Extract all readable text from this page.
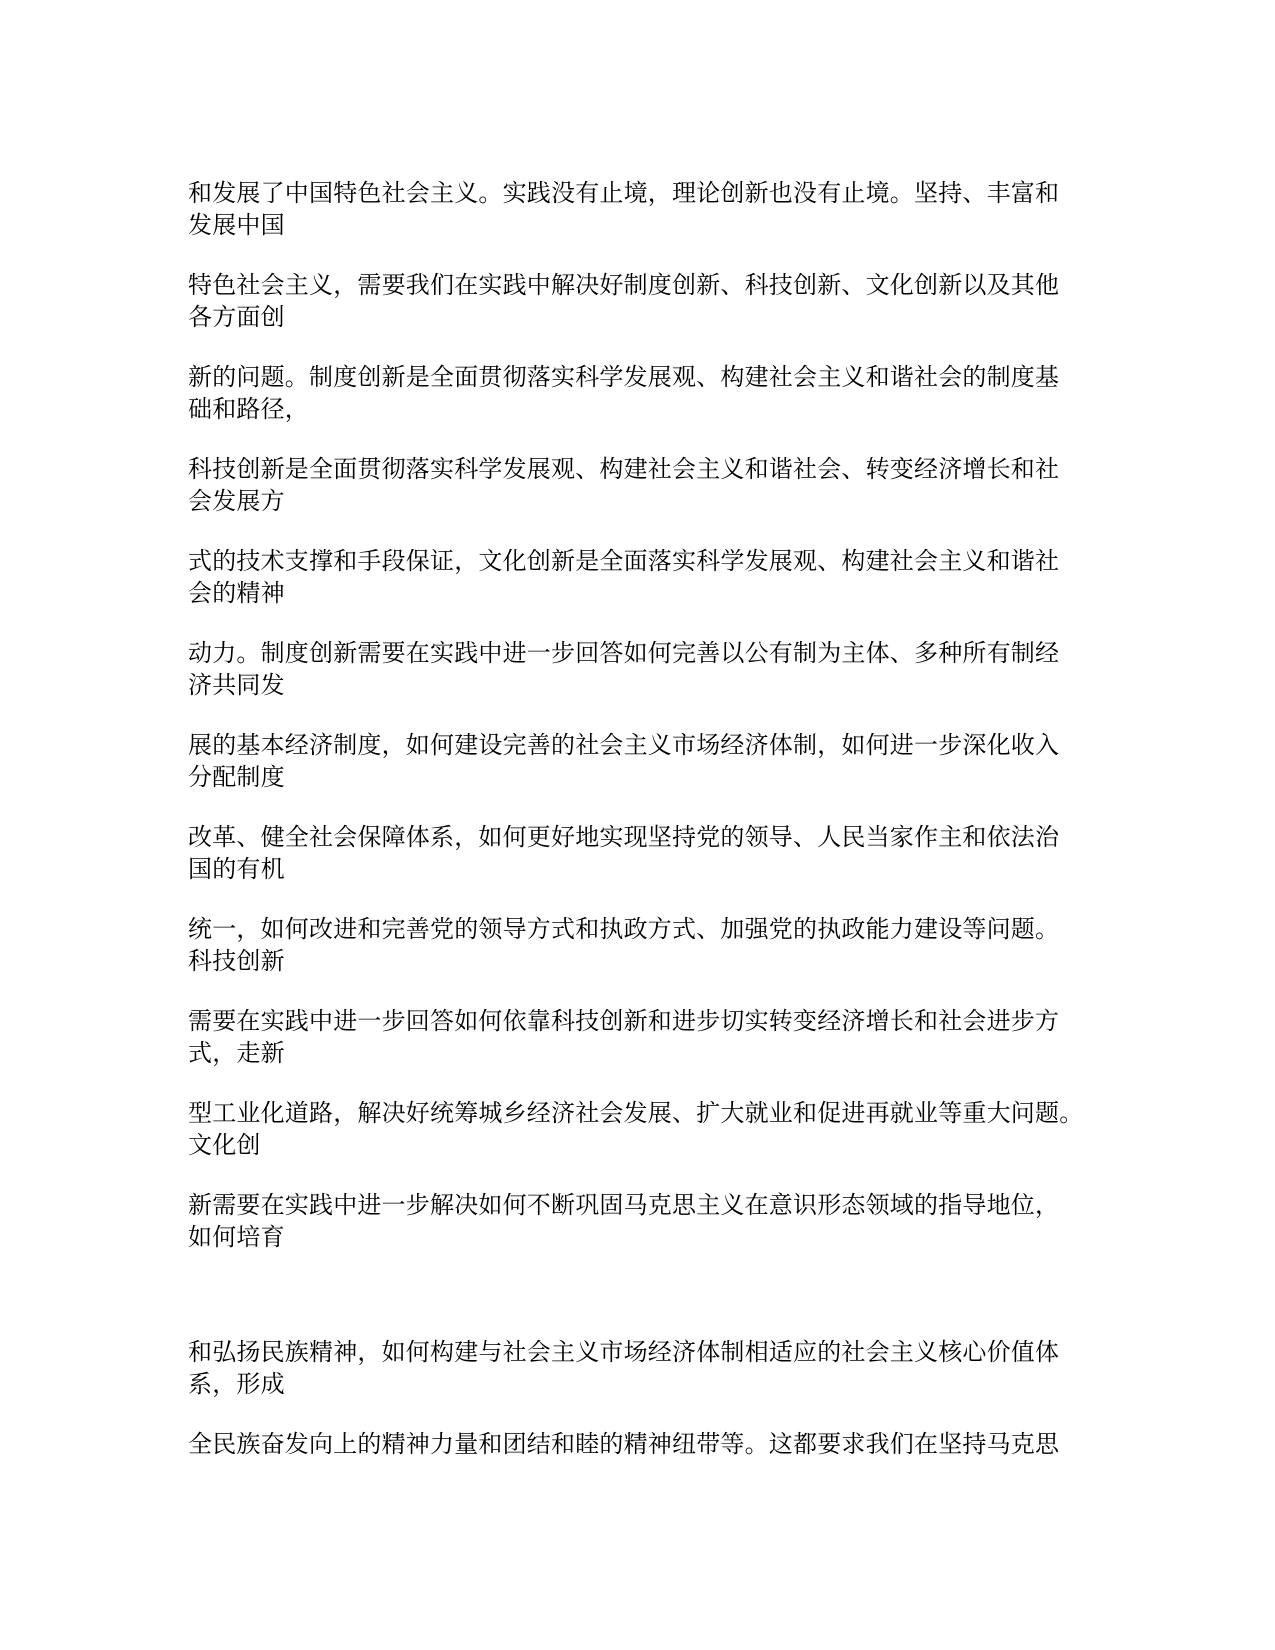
和发展了中国特色社会主义。实践没有止境，理论创新也没有止境。坚持、丰富和
发展中国

特色社会主义，需要我们在实践中解决好制度创新、科技创新、文化创新以及其他
各方面创

新的问题。制度创新是全面贯彻落实科学发展观、构建社会主义和谐社会的制度基
础和路径，

科技创新是全面贯彻落实科学发展观、构建社会主义和谐社会、转变经济增长和社
会发展方

式的技术支撑和手段保证，文化创新是全面落实科学发展观、构建社会主义和谐社
会的精神

动力。制度创新需要在实践中进一步回答如何完善以公有制为主体、多种所有制经
济共同发

展的基本经济制度，如何建设完善的社会主义市场经济体制，如何进一步深化收入
分配制度

改革、健全社会保障体系，如何更好地实现坚持党的领导、人民当家作主和依法治
国的有机

统一，如何改进和完善党的领导方式和执政方式、加强党的执政能力建设等问题。
科技创新

需要在实践中进一步回答如何依靠科技创新和进步切实转变经济增长和社会进步方
式，走新

型工业化道路，解决好统筹城乡经济社会发展、扩大就业和促进再就业等重大问题。
文化创

新需要在实践中进一步解决如何不断巩固马克思主义在意识形态领域的指导地位，
如何培育

和弘扬民族精神，如何构建与社会主义市场经济体制相适应的社会主义核心价值体
系，形成

全民族奋发向上的精神力量和团结和睦的精神纽带等。这都要求我们在坚持马克思
